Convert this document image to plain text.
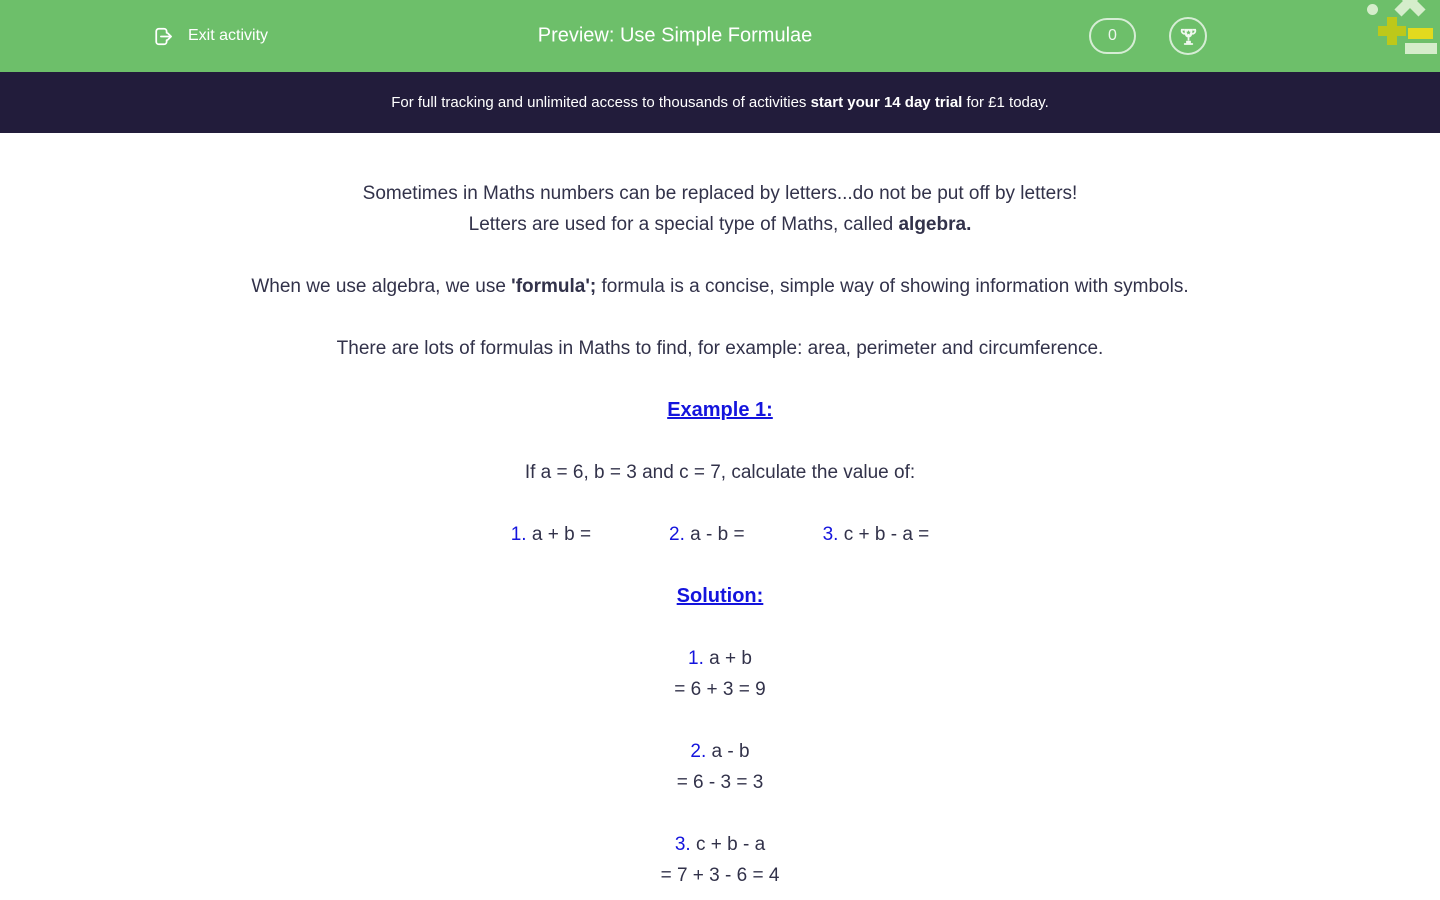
Exit activity	Preview: Use Simple Formulae	0
For full tracking and unlimited access to thousands of activities start your 14 day trial for £1 today.

Sometimes in Maths numbers can be replaced by letters...do not be put off by letters!
Letters are used for a special type of Maths, called algebra.

When we use algebra, we use 'formula'; formula is a concise, simple way of showing information with symbols.

There are lots of formulas in Maths to find, for example: area, perimeter and circumference.

Example 1:

If a = 6, b = 3 and c = 7, calculate the value of:

1. a + b =	2. a - b =	3. c + b - a =

Solution:

1. a + b
= 6 + 3 = 9

2. a - b
= 6 - 3 = 3

3. c + b - a
= 7 + 3 - 6 = 4
